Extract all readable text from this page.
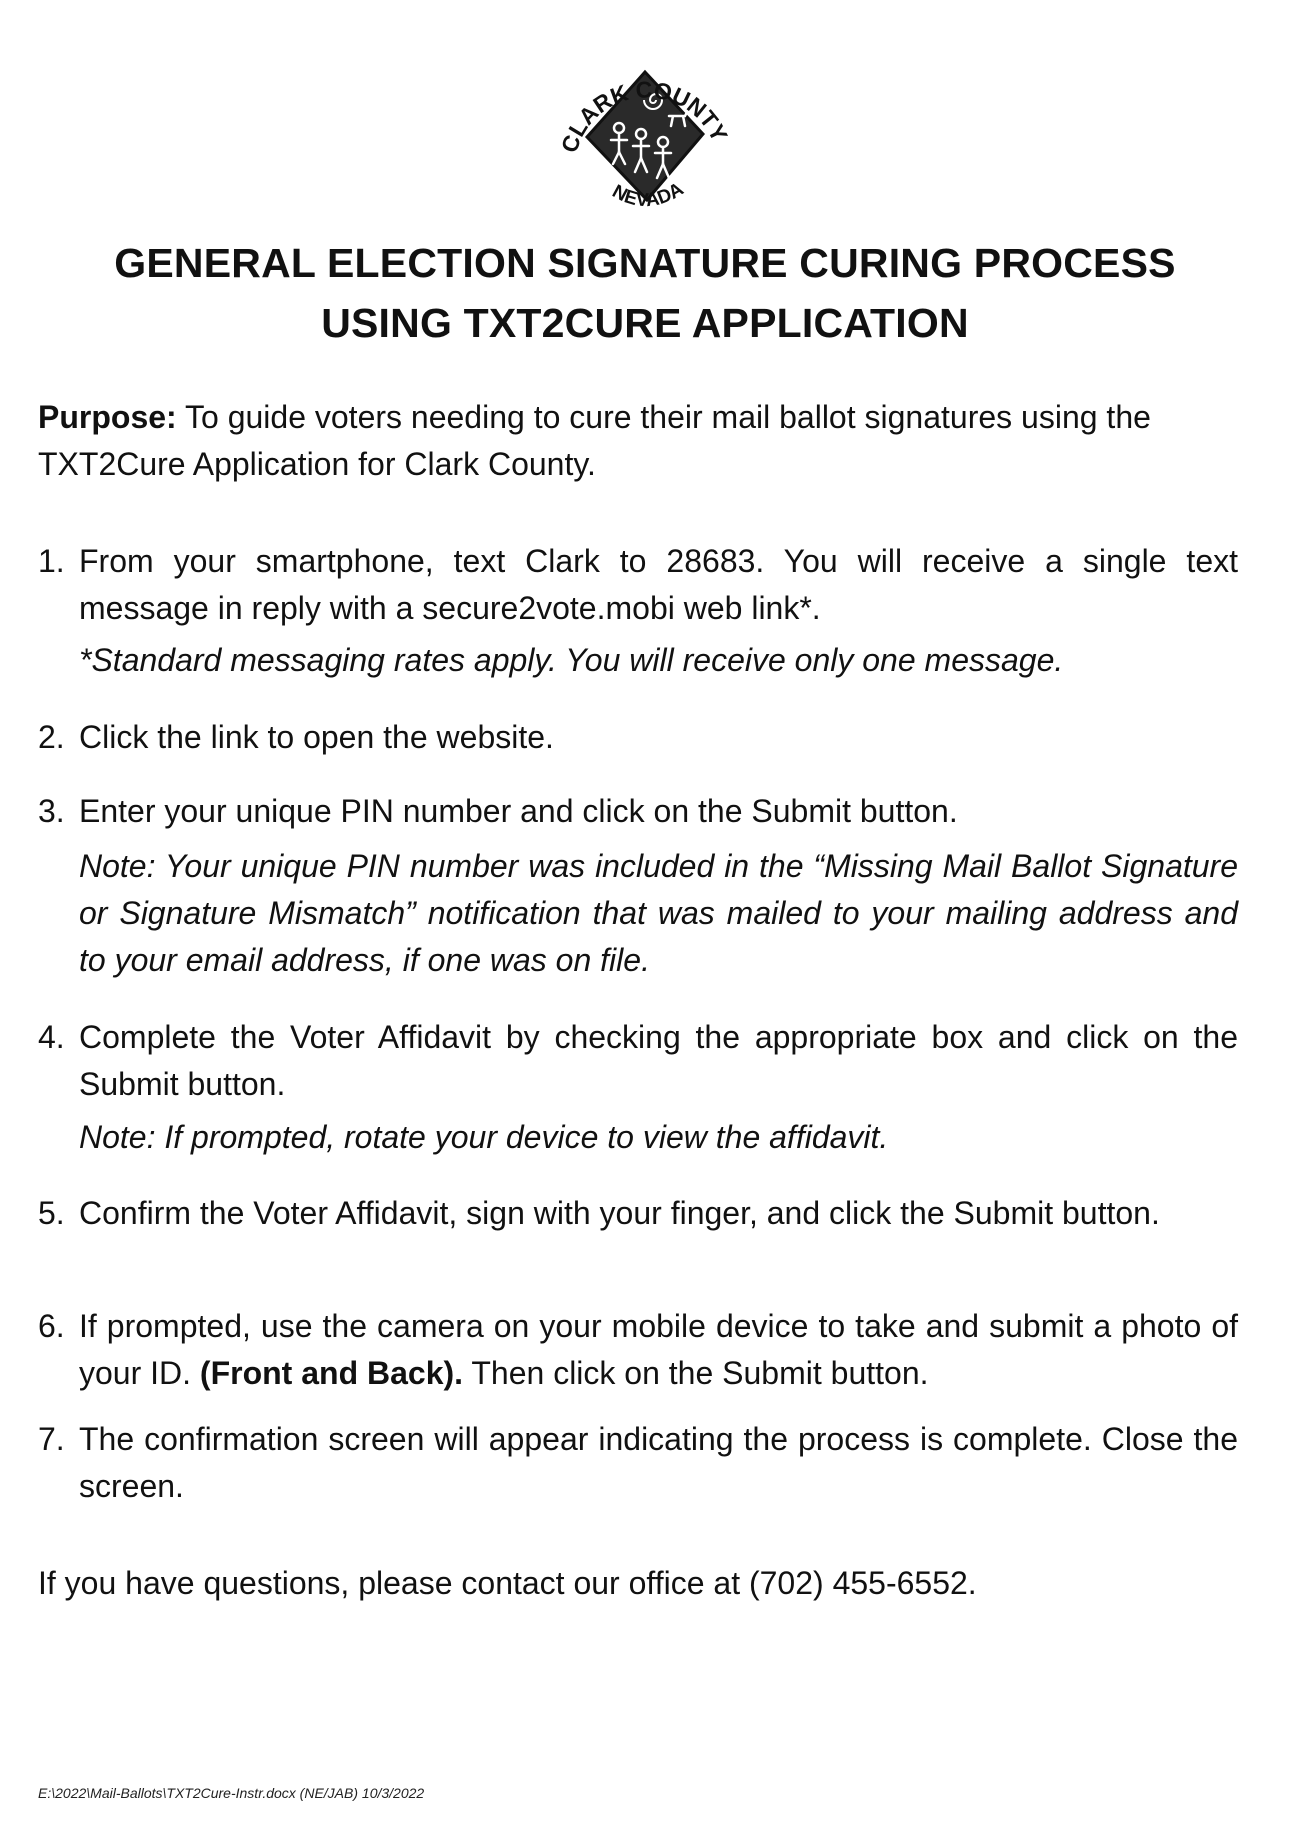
CLARK COUNTY
NEVADA
GENERAL ELECTION SIGNATURE CURING PROCESS
USING TXT2CURE APPLICATION
Purpose: To guide voters needing to cure their mail ballot signatures using the TXT2Cure Application for Clark County.
1. From your smartphone, text Clark to 28683. You will receive a single text message in reply with a secure2vote.mobi web link*.
*Standard messaging rates apply. You will receive only one message.
2. Click the link to open the website.
3. Enter your unique PIN number and click on the Submit button.
Note: Your unique PIN number was included in the “Missing Mail Ballot Signature or Signature Mismatch” notification that was mailed to your mailing address and to your email address, if one was on file.
4. Complete the Voter Affidavit by checking the appropriate box and click on the Submit button.
Note: If prompted, rotate your device to view the affidavit.
5. Confirm the Voter Affidavit, sign with your finger, and click the Submit button.
6. If prompted, use the camera on your mobile device to take and submit a photo of your ID. (Front and Back). Then click on the Submit button.
7. The confirmation screen will appear indicating the process is complete. Close the screen.
If you have questions, please contact our office at (702) 455-6552.
E:\2022\Mail-Ballots\TXT2Cure-Instr.docx (NE/JAB) 10/3/2022
